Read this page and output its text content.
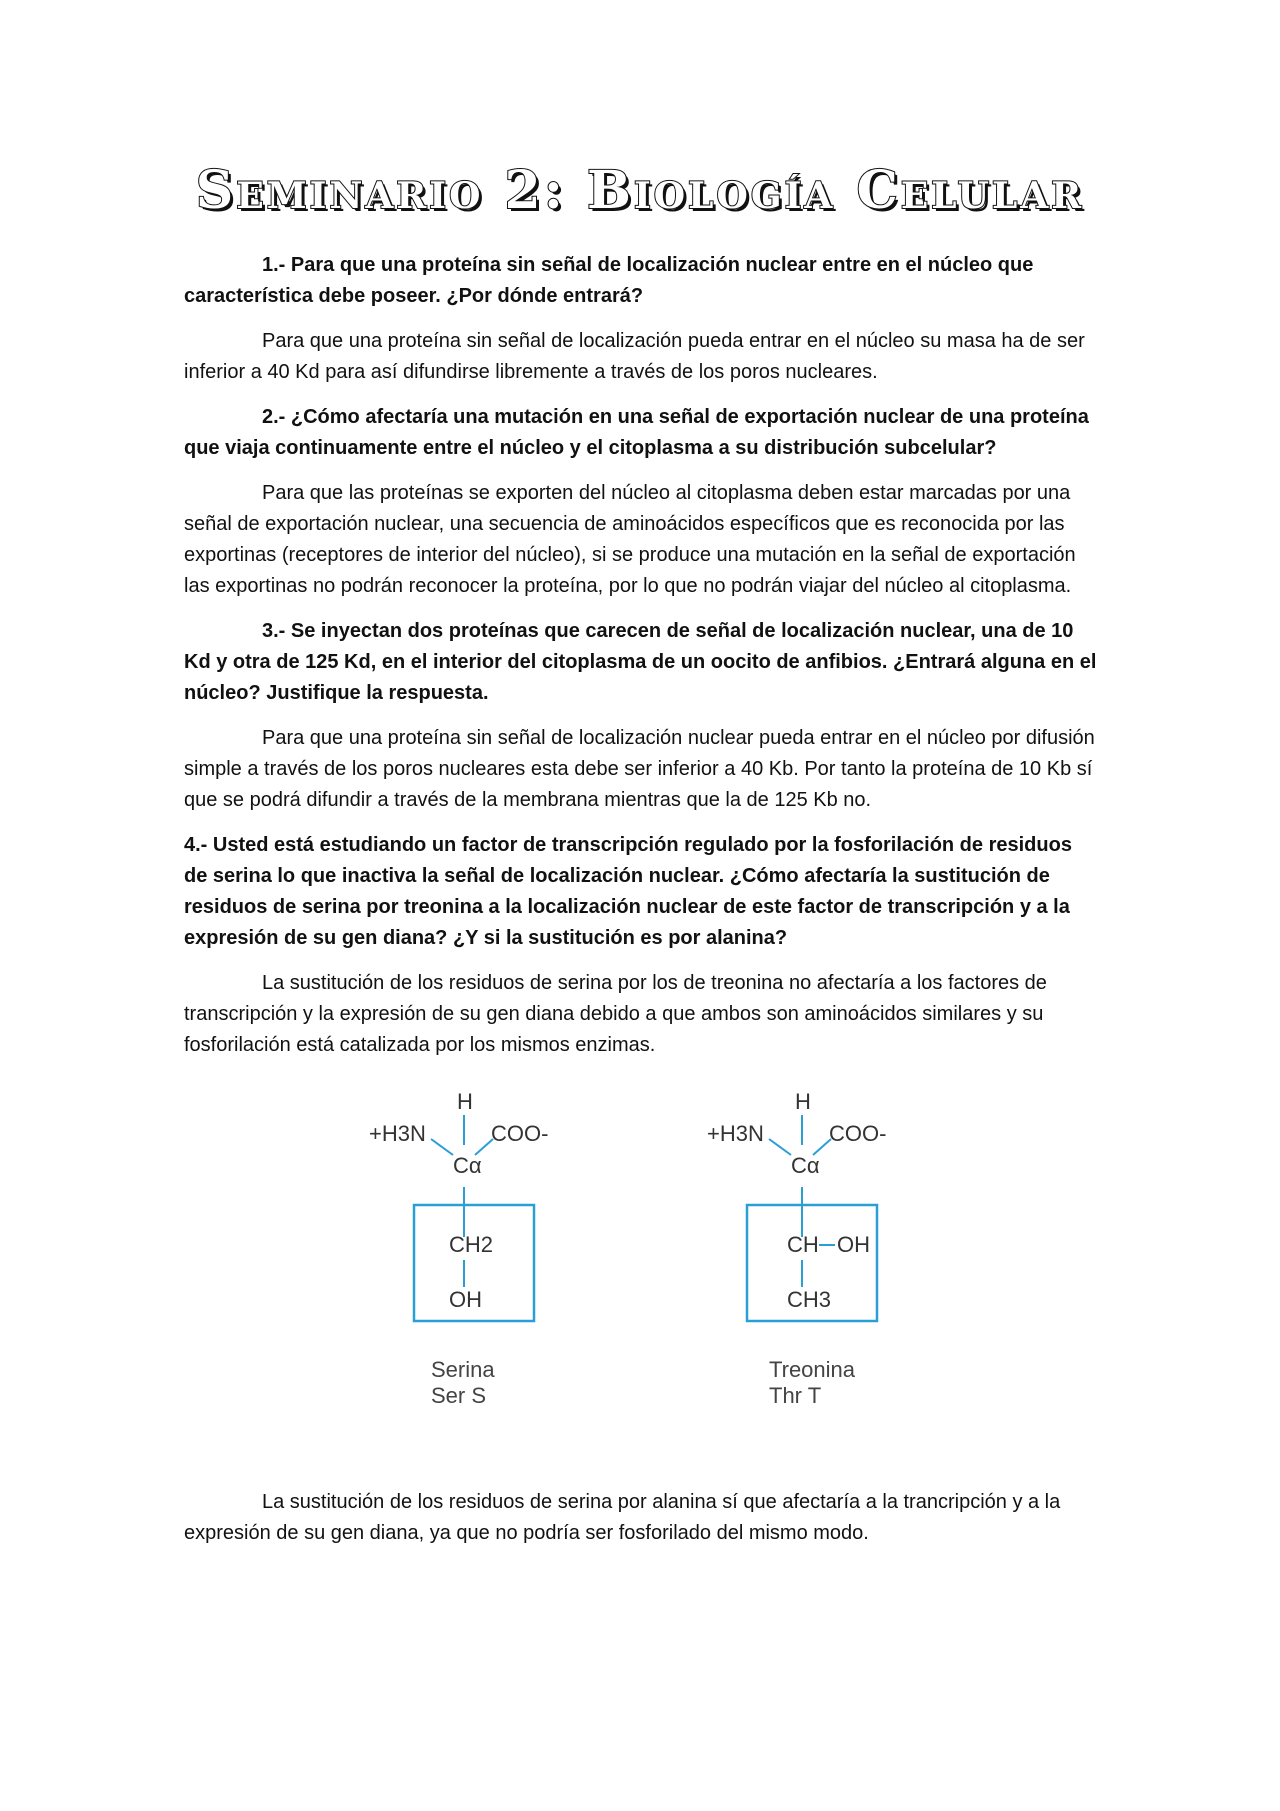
Seminario 2: Biología Celular

1.- Para que una proteína sin señal de localización nuclear entre en el núcleo que característica debe poseer. ¿Por dónde entrará?

Para que una proteína sin señal de localización pueda entrar en el núcleo su masa ha de ser inferior a 40 Kd para así difundirse libremente a través de los poros nucleares.

2.- ¿Cómo afectaría una mutación en una señal de exportación nuclear de una proteína que viaja continuamente entre el núcleo y el citoplasma a su distribución subcelular?

Para que las proteínas se exporten del núcleo al citoplasma deben estar marcadas por una señal de exportación nuclear, una secuencia de aminoácidos específicos que es reconocida por las exportinas (receptores de interior del núcleo), si se produce una mutación en la señal de exportación las exportinas no podrán reconocer la proteína, por lo que no podrán viajar del núcleo al citoplasma.

3.- Se inyectan dos proteínas que carecen de señal de localización nuclear, una de 10 Kd y otra de 125 Kd, en el interior del citoplasma de un oocito de anfibios. ¿Entrará alguna en el núcleo? Justifique la respuesta.

Para que una proteína sin señal de localización nuclear pueda entrar en el núcleo por difusión simple a través de los poros nucleares esta debe ser inferior a 40 Kb. Por tanto la proteína de 10 Kb sí que se podrá difundir a través de la membrana mientras que la de 125 Kb no.

4.- Usted está estudiando un factor de transcripción regulado por la fosforilación de residuos de serina lo que inactiva la señal de localización nuclear. ¿Cómo afectaría la sustitución de residuos de serina por treonina a la localización nuclear de este factor de transcripción y a la expresión de su gen diana? ¿Y si la sustitución es por alanina?

La sustitución de los residuos de serina por los de treonina no afectaría a los factores de transcripción y la expresión de su gen diana debido a que ambos son aminoácidos similares y su fosforilación está catalizada por los mismos enzimas.

H
+H3N	COO-
Cα
CH2
OH
Serina
Ser S
H
+H3N	COO-
Cα
CH OH
CH3
Treonina
Thr T

La sustitución de los residuos de serina por alanina sí que afectaría a la trancripción y a la expresión de su gen diana, ya que no podría ser fosforilado del mismo modo.
